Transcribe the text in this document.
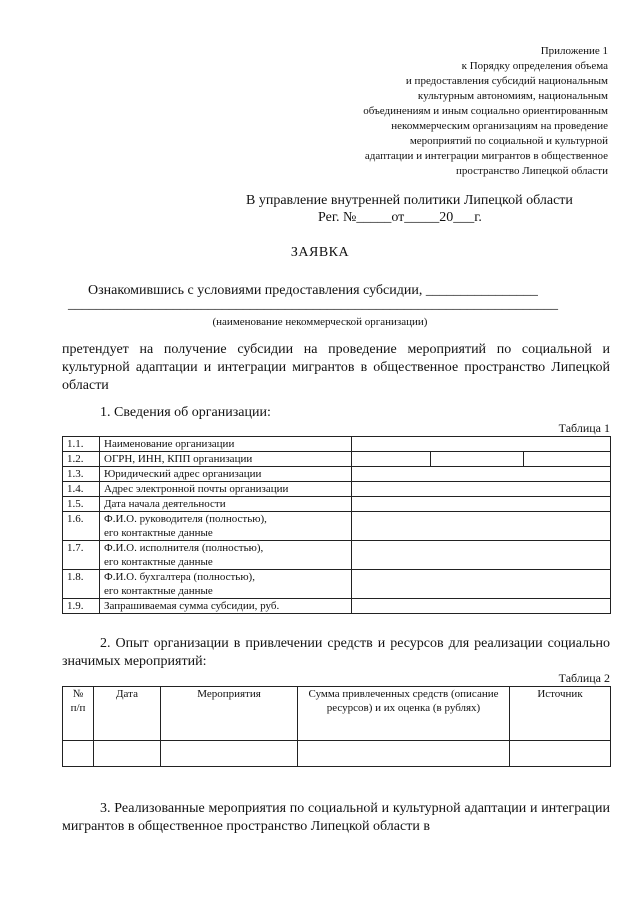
Приложение 1
к Порядку определения объема
и предоставления субсидий национальным
культурным автономиям, национальным
объединениям и иным социально ориентированным
некоммерческим организациям на проведение
мероприятий по социальной и культурной
адаптации и интеграции мигрантов в общественное
пространство Липецкой области
В управление внутренней политики Липецкой области
Рег. №_____от_____20___г.
ЗАЯВКА
Ознакомившись с условиями предоставления субсидии, ________________
______________________________________________________________________
(наименование некоммерческой организации)
претендует на получение субсидии на проведение мероприятий по социальной и культурной адаптации и интеграции мигрантов в общественное пространство Липецкой области
1. Сведения об организации:
Таблица 1
1.1.	Наименование организации			
1.2.	ОГРН, ИНН, КПП организации			
1.3.	Юридический адрес организации			
1.4.	Адрес электронной почты организации			
1.5.	Дата начала деятельности			
1.6.	Ф.И.О. руководителя (полностью),
его контактные данные			

1.7.	Ф.И.О. исполнителя (полностью),
его контактные данные			

1.8.	Ф.И.О. бухгалтера (полностью),
его контактные данные			

1.9.	Запрашиваемая сумма субсидии, руб.			
2. Опыт организации в привлечении средств и ресурсов для реализации социально значимых мероприятий:
Таблица 2
№ п/п	Дата	Мероприятия	Сумма привлеченных средств (описание ресурсов) и их оценка (в рублях)	Источник

3. Реализованные мероприятия по социальной и культурной адаптации и интеграции мигрантов в общественное пространство Липецкой области в
